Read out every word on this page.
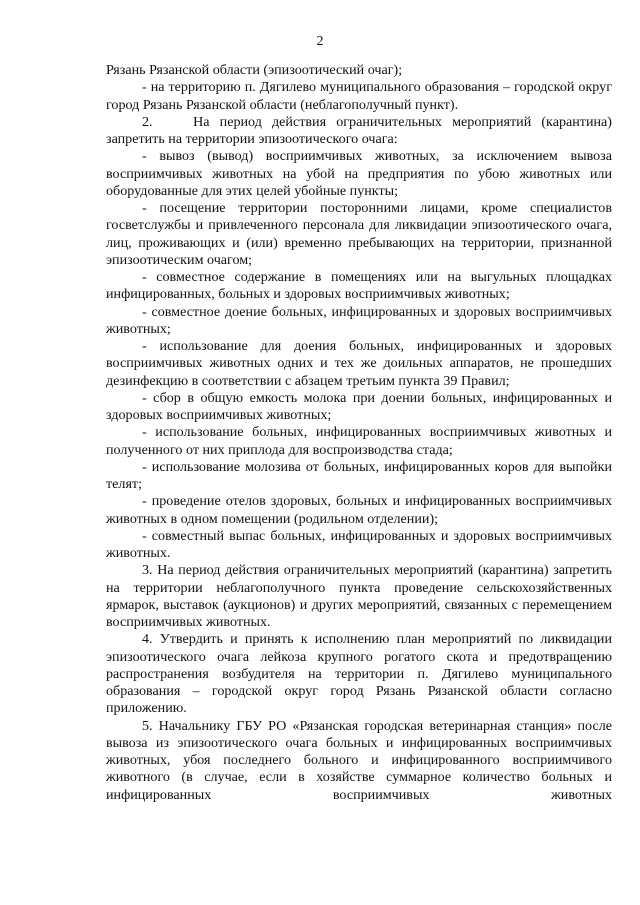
2

Рязань Рязанской области (эпизоотический очаг);

- на территорию п. Дягилево муниципального образования – городской округ город Рязань Рязанской области (неблагополучный пункт).

2.    На период действия ограничительных мероприятий (карантина) запретить на территории эпизоотического очага:

- вывоз (вывод) восприимчивых животных, за исключением вывоза восприимчивых животных на убой на предприятия по убою животных или оборудованные для этих целей убойные пункты;

- посещение территории посторонними лицами, кроме специалистов госветслужбы и привлеченного персонала для ликвидации эпизоотического очага, лиц, проживающих и (или) временно пребывающих на территории, признанной эпизоотическим очагом;

- совместное содержание в помещениях или на выгульных площадках инфицированных, больных и здоровых восприимчивых животных;

- совместное доение больных, инфицированных и здоровых восприимчивых животных;

- использование для доения больных, инфицированных и здоровых восприимчивых животных одних и тех же доильных аппаратов, не прошедших дезинфекцию в соответствии с абзацем третьим пункта 39 Правил;

- сбор в общую емкость молока при доении больных, инфицированных и здоровых восприимчивых животных;

- использование больных, инфицированных восприимчивых животных и полученного от них приплода для воспроизводства стада;

- использование молозива от больных, инфицированных коров для выпойки телят;

- проведение отелов здоровых, больных и инфицированных восприимчивых животных в одном помещении (родильном отделении);

- совместный выпас больных, инфицированных и здоровых восприимчивых животных.

3. На период действия ограничительных мероприятий (карантина) запретить на территории неблагополучного пункта проведение сельскохозяйственных ярмарок, выставок (аукционов) и других мероприятий, связанных с перемещением восприимчивых животных.

4. Утвердить и принять к исполнению план мероприятий по ликвидации эпизоотического очага лейкоза крупного рогатого скота и предотвращению распространения возбудителя на территории п. Дягилево муниципального образования – городской округ город Рязань Рязанской области согласно приложению.

5. Начальнику ГБУ РО «Рязанская городская ветеринарная станция» после вывоза из эпизоотического очага больных и инфицированных восприимчивых животных, убоя последнего больного и инфицированного восприимчивого животного (в случае, если в хозяйстве суммарное количество больных и инфицированных восприимчивых животных
